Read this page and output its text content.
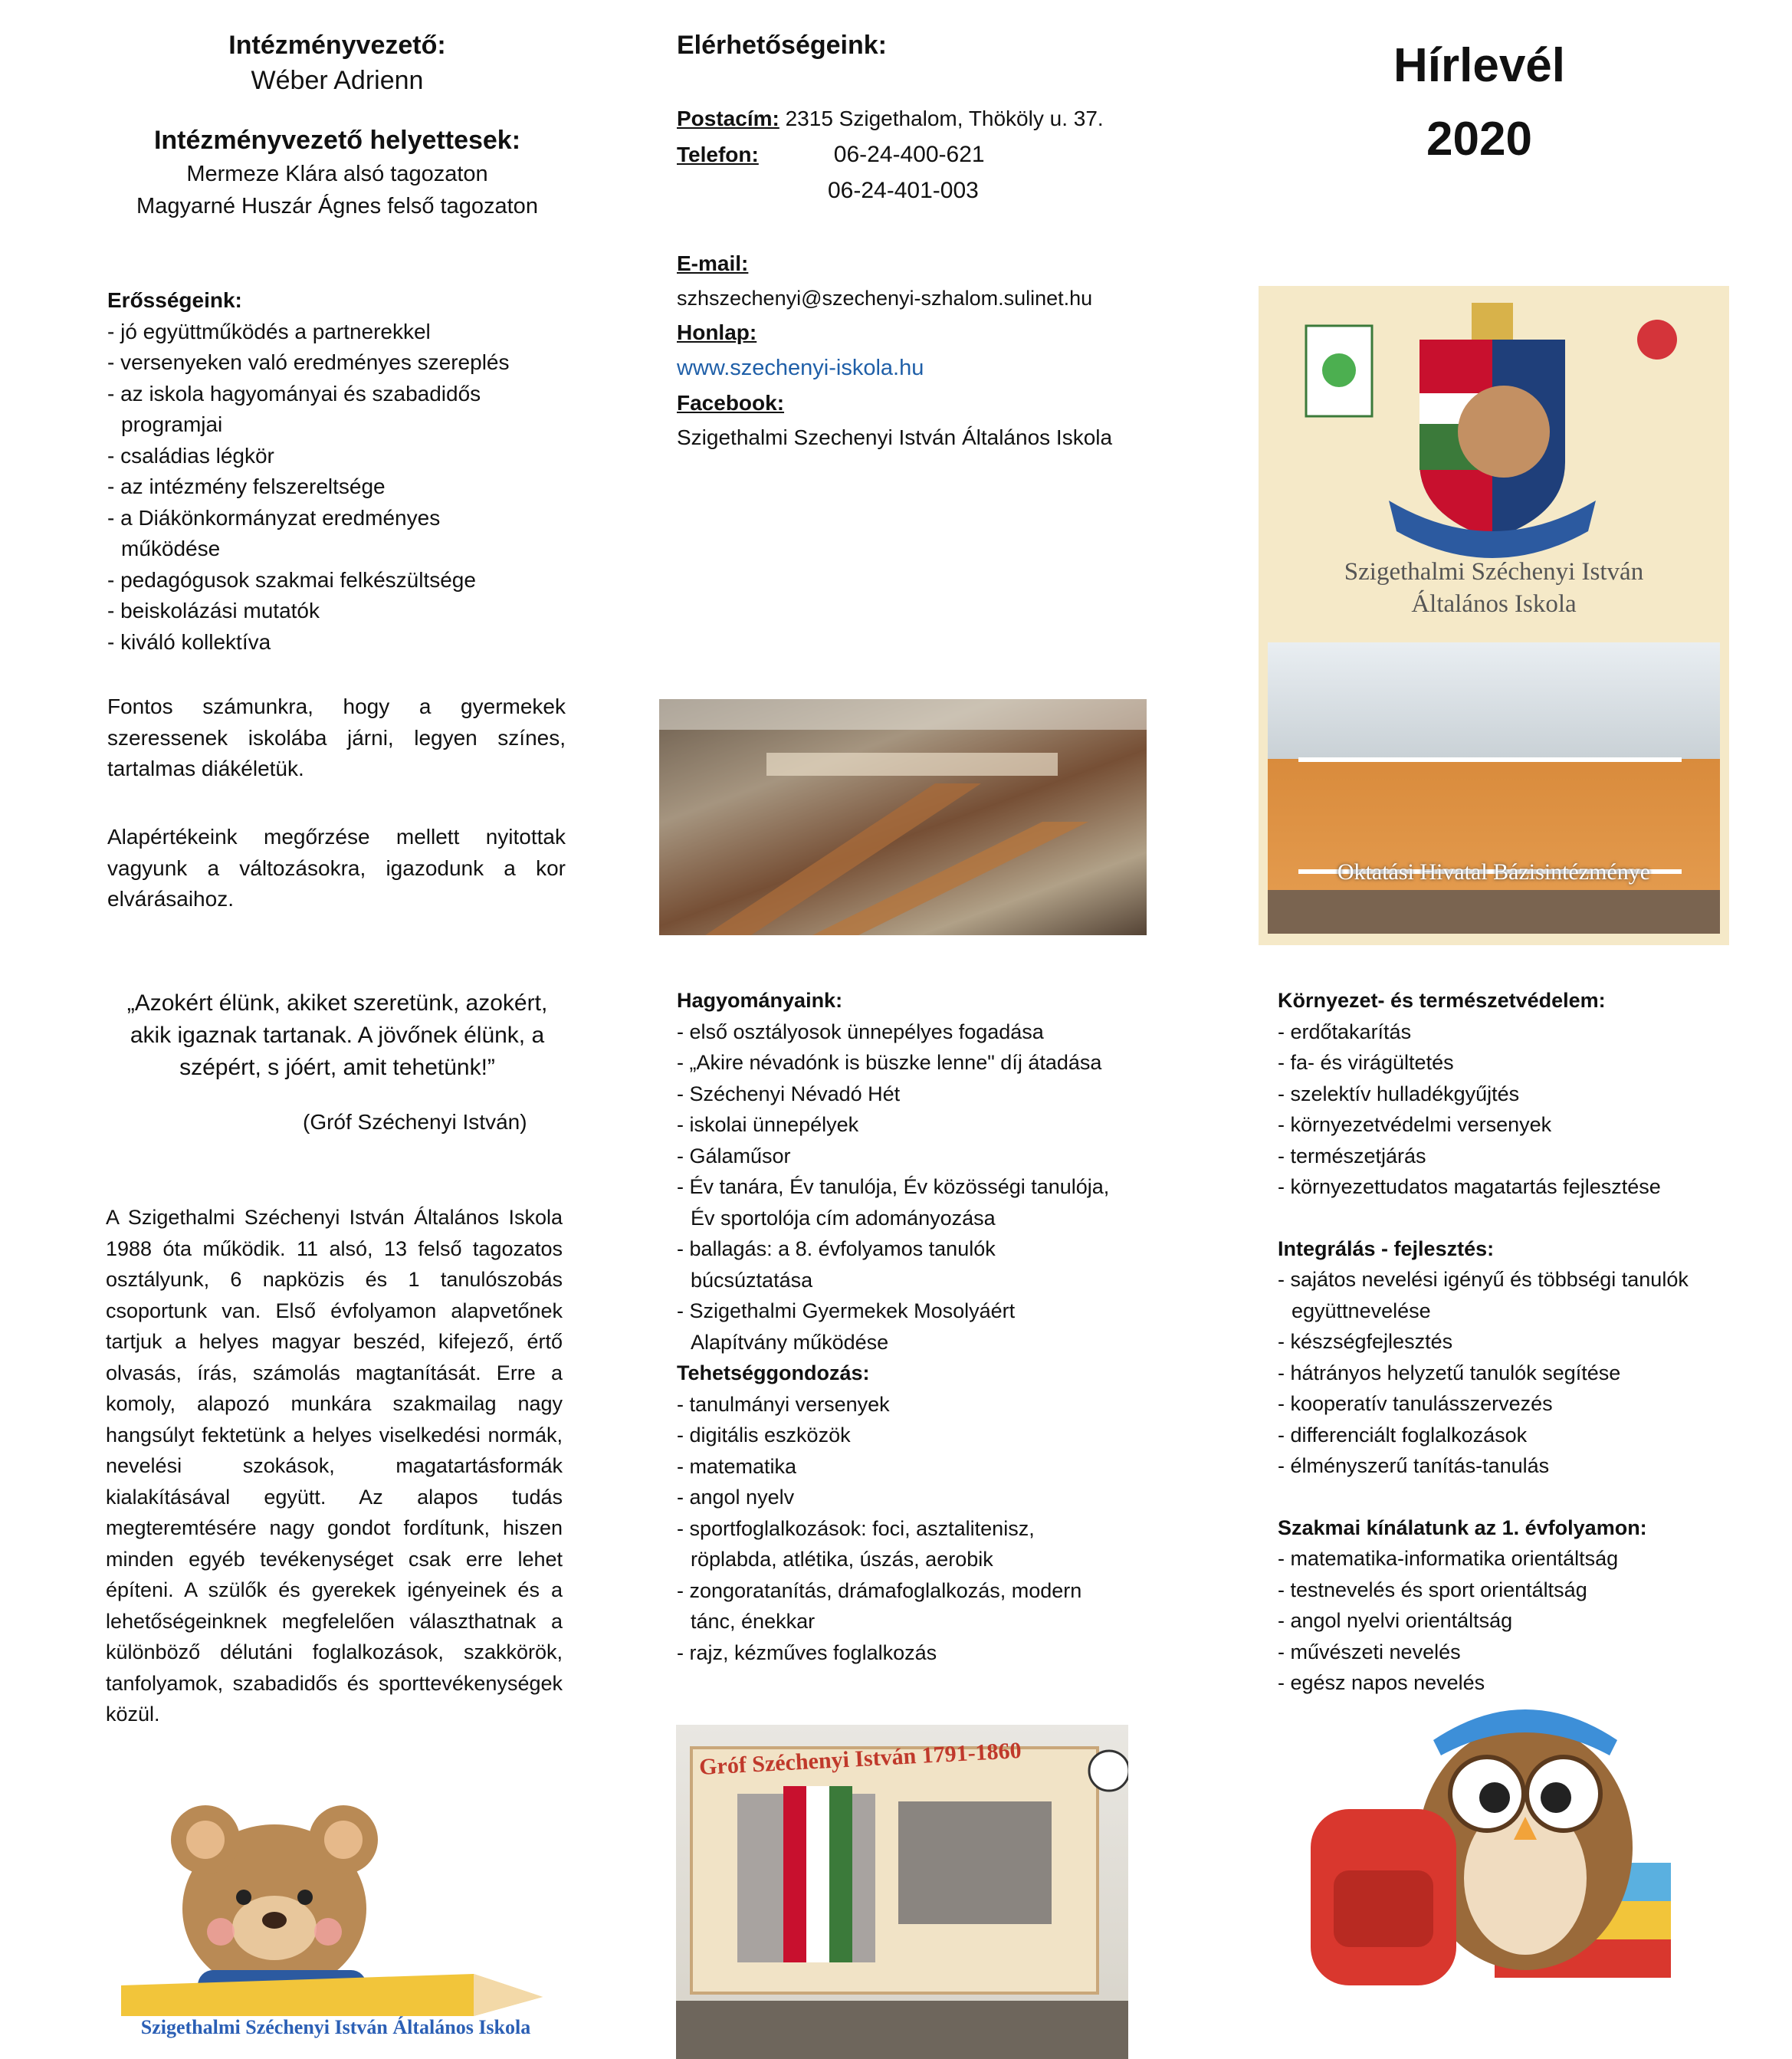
Intézményvezető:
Wéber Adrienn
Intézményvezető helyettesek:
Mermeze Klára alsó tagozaton
Magyarné Huszár Ágnes felső tagozaton
Erősségeink:
- jó együttműködés a partnerekkel
- versenyeken való eredményes szereplés
- az iskola hagyományai és szabadidős
programjai
- családias légkör
- az intézmény felszereltsége
- a Diákönkormányzat eredményes
működése
- pedagógusok szakmai felkészültsége
- beiskolázási mutatók
- kiváló kollektíva
Fontos számunkra, hogy a gyermekek szeressenek iskolába járni, legyen színes, tartalmas diákéletük.
Alapértékeink megőrzése mellett nyitottak vagyunk a változásokra, igazodunk a kor elvárásaihoz.
„Azokért élünk, akiket szeretünk, azokért,
akik igaznak tartanak. A jövőnek élünk, a
szépért, s jóért, amit tehetünk!”
(Gróf Széchenyi István)
A Szigethalmi Széchenyi István Általános Iskola 1988 óta működik. 11 alsó, 13 felső tagozatos osztályunk, 6 napközis és 1 tanulószobás csoportunk van. Első évfolyamon alapvetőnek tartjuk a helyes magyar beszéd, kifejező, értő olvasás, írás, számolás magtanítását. Erre a komoly, alapozó munkára szakmailag nagy hangsúlyt fektetünk a helyes viselkedési normák, nevelési szokások, magatartásformák kialakításával együtt. Az alapos tudás megteremtésére nagy gondot fordítunk, hiszen minden egyéb tevékenységet csak erre lehet építeni. A szülők és gyerekek igényeinek és a lehetőségeinknek megfelelően választhatnak a különböző délutáni foglalkozások, szakkörök, tanfolyamok, szabadidős és sporttevékenységek közül.
Szigethalmi Széchenyi István Általános Iskola
Elérhetőségeink:
Postacím: 2315 Szigethalom, Thököly u. 37.
Telefon:	06-24-400-621
06-24-401-003
E-mail:
szhszechenyi@szechenyi-szhalom.sulinet.hu
Honlap:
www.szechenyi-iskola.hu
Facebook:
Szigethalmi Szechenyi István Általános Iskola
Hagyományaink:
- első osztályosok ünnepélyes fogadása
- „Akire névadónk is büszke lenne" díj átadása
- Széchenyi Névadó Hét
- iskolai ünnepélyek
- Gálaműsor
- Év tanára, Év tanulója, Év közösségi tanulója,
Év sportolója cím adományozása
- ballagás: a 8. évfolyamos tanulók
búcsúztatása
- Szigethalmi Gyermekek Mosolyáért
Alapítvány működése
Tehetséggondozás:
- tanulmányi versenyek
- digitális eszközök
- matematika
- angol nyelv
- sportfoglalkozások: foci, asztalitenisz,
röplabda, atlétika, úszás, aerobik
- zongoratanítás, drámafoglalkozás, modern
tánc, énekkar
- rajz, kézműves foglalkozás
Gróf Széchenyi István 1791-1860
Hírlevél
2020
Szigethalmi Széchenyi István
Általános Iskola
Oktatási Hivatal Bázisintézménye
Környezet- és természetvédelem:
- erdőtakarítás
- fa- és virágültetés
- szelektív hulladékgyűjtés
- környezetvédelmi versenyek
- természetjárás
- környezettudatos magatartás fejlesztése
Integrálás - fejlesztés:
- sajátos nevelési igényű és többségi tanulók
együttnevelése
- készségfejlesztés
- hátrányos helyzetű tanulók segítése
- kooperatív tanulásszervezés
- differenciált foglalkozások
- élményszerű tanítás-tanulás
Szakmai kínálatunk az 1. évfolyamon:
- matematika-informatika orientáltság
- testnevelés és sport orientáltság
- angol nyelvi orientáltság
- művészeti nevelés
- egész napos nevelés
